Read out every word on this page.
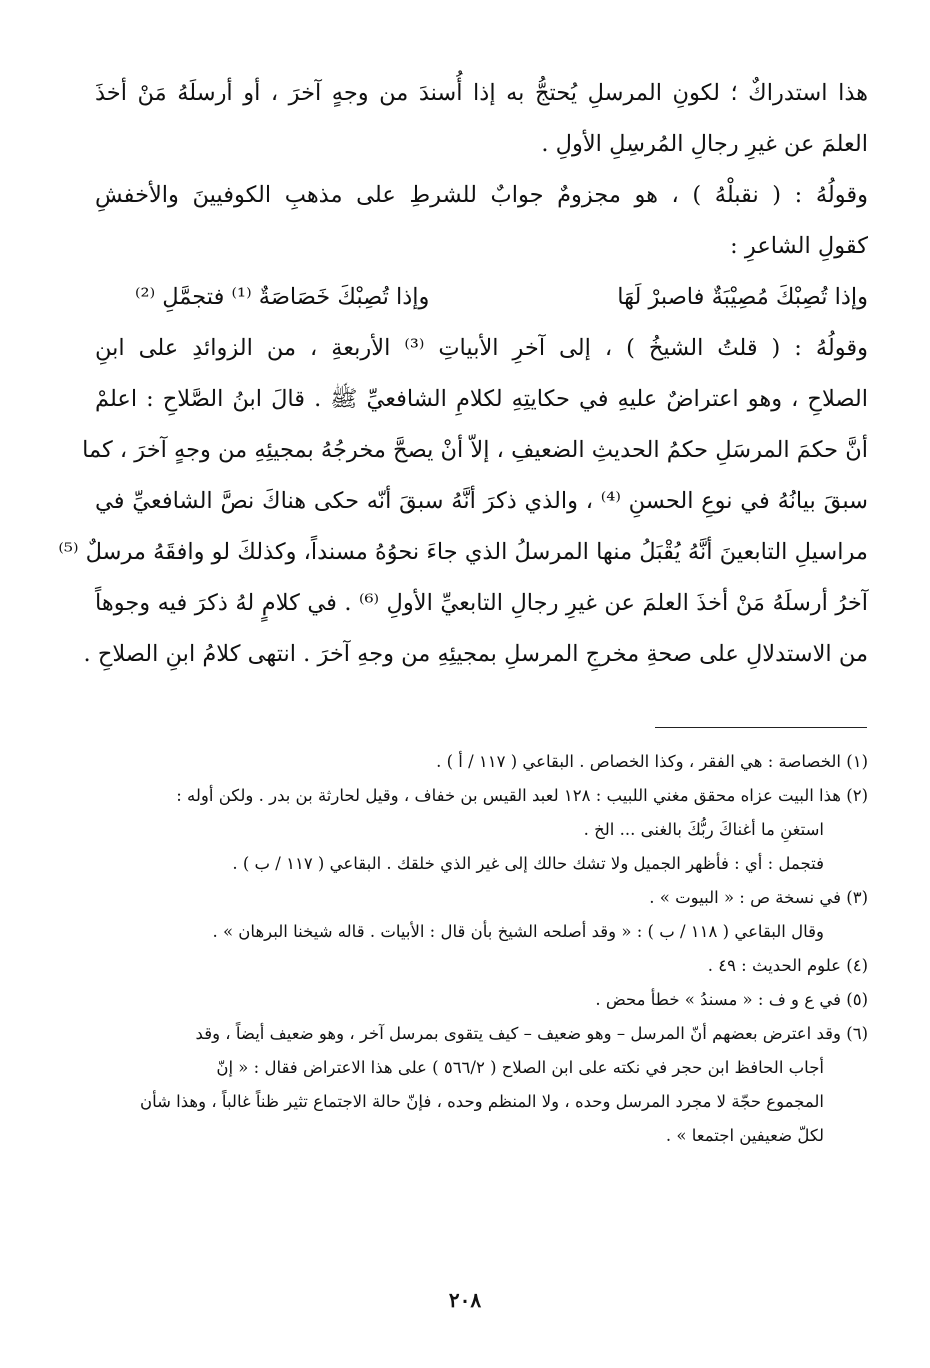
هذا استدراكٌ ؛ لكونِ المرسلِ يُحتجُّ به إذا أُسندَ من وجهٍ آخرَ ، أو أرسلَهُ مَنْ أخذَ
العلمَ عن غيرِ رجالِ المُرسِلِ الأولِ .
وقولُهُ : ( نقبلْهُ ) ، هو مجزومٌ جوابٌ للشرطِ على مذهبِ الكوفيينَ والأخفشِ
كقولِ الشاعرِ :
وإذا تُصِبْكَ مُصِيْبَةٌ فاصبرْ لَهَا
وإذا تُصِبْكَ خَصَاصَةٌ ⁽¹⁾ فتجمَّلِ ⁽²⁾
وقولُهُ : ( قلتُ الشيخُ ) ، إلى آخرِ الأبياتِ ⁽³⁾ الأربعةِ ، من الزوائدِ على ابنِ
الصلاحِ ، وهو اعتراضٌ عليهِ في حكايتِهِ لكلامِ الشافعيِّ ﷺ . قالَ ابنُ الصَّلاحِ : اعلمْ
أنَّ حكمَ المرسَلِ حكمُ الحديثِ الضعيفِ ، إلاّ أنْ يصحَّ مخرجُهُ بمجيئِهِ من وجهٍ آخرَ ، كما
سبقَ بيانُهُ في نوعِ الحسنِ ⁽⁴⁾ ، والذي ذكرَ أنَّهُ سبقَ أنّه حكى هناكَ نصَّ الشافعيِّ في
مراسيلِ التابعينَ أنَّهُ يُقْبَلُ منها المرسلُ الذي جاءَ نحوُهُ مسنداً، وكذلكَ لو وافقَهُ مرسلٌ ⁽⁵⁾
آخرُ أرسلَهُ مَنْ أخذَ العلمَ عن غيرِ رجالِ التابعيِّ الأولِ ⁽⁶⁾ . في كلامٍ لهُ ذكرَ فيه وجوهاً
من الاستدلالِ على صحةِ مخرجِ المرسلِ بمجيئِهِ من وجهِ آخرَ . انتهى كلامُ ابنِ الصلاحِ .
(١) الخصاصة : هي الفقر ، وكذا الخصاص . البقاعي ( ١١٧ / أ ) .
(٢) هذا البيت عزاه محقق مغني اللبيب : ١٢٨ لعبد القيس بن خفاف ، وقيل لحارثة بن بدر . ولكن أوله :
استغنِ ما أغناكَ ربُّكَ بالغنى ... الخ .
فتجمل : أي : فأظهر الجميل ولا تشك حالك إلى غير الذي خلقك . البقاعي ( ١١٧ / ب ) .
(٣) في نسخة ص : « البيوت » .
وقال البقاعي ( ١١٨ / ب ) : « وقد أصلحه الشيخ بأن قال : الأبيات . قاله شيخنا البرهان » .
(٤) علوم الحديث : ٤٩ .
(٥) في ع و ف : « مسندُ » خطأ محض .
(٦) وقد اعترض بعضهم أنّ المرسل – وهو ضعيف – كيف يتقوى بمرسل آخر ، وهو ضعيف أيضاً ، وقد
أجاب الحافظ ابن حجر في نكته على ابن الصلاح ( ٥٦٦/٢ ) على هذا الاعتراض فقال : « إنّ
المجموع حجّة لا مجرد المرسل وحده ، ولا المنظم وحده ، فإنّ حالة الاجتماع تثير ظناً غالباً ، وهذا شأن
لكلّ ضعيفين اجتمعا » .
٢٠٨
